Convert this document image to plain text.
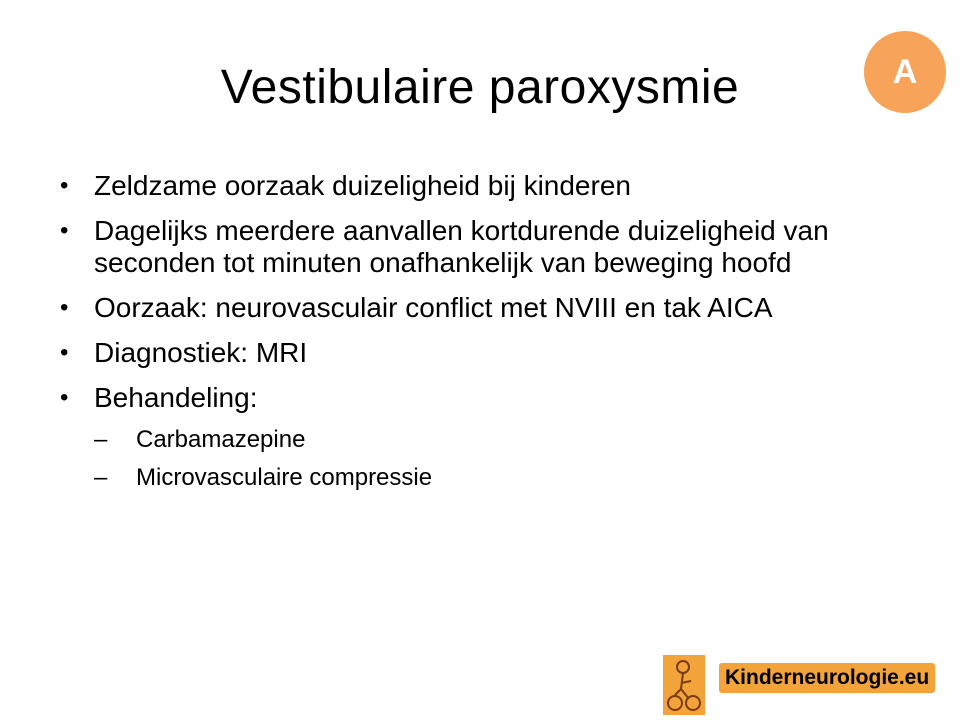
Vestibulaire paroxysmie	A
• Zeldzame oorzaak duizeligheid bij kinderen
• Dagelijks meerdere aanvallen kortdurende duizeligheid van seconden tot minuten onafhankelijk van beweging hoofd
• Oorzaak: neurovasculair conflict met NVIII en tak AICA
• Diagnostiek: MRI
• Behandeling:
– Carbamazepine
– Microvasculaire compressie
Kinderneurologie.eu
